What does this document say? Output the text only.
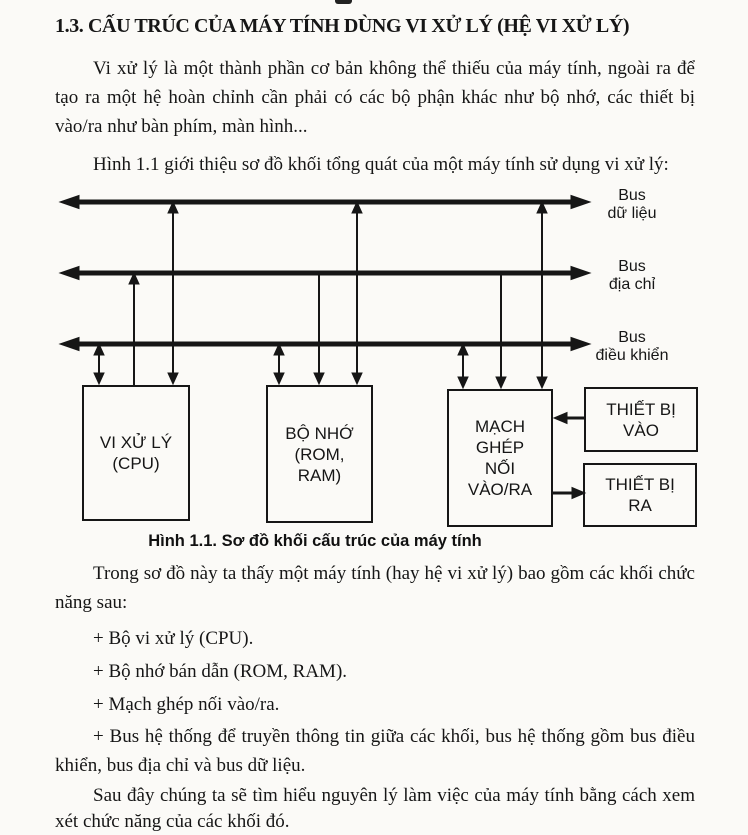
1.3. CẤU TRÚC CỦA MÁY TÍNH DÙNG VI XỬ LÝ (HỆ VI XỬ LÝ)

Vi xử lý là một thành phần cơ bản không thể thiếu của máy tính, ngoài ra để tạo ra một hệ hoàn chỉnh cần phải có các bộ phận khác như bộ nhớ, các thiết bị vào/ra như bàn phím, màn hình...

Hình 1.1 giới thiệu sơ đồ khối tổng quát của một máy tính sử dụng vi xử lý:

Bus
dữ liệu
Bus
địa chỉ
Bus
điều khiển
VI XỬ LÝ
(CPU)
BỘ NHỚ
(ROM,
RAM)
MẠCH
GHÉP
NỐI
VÀO/RA
THIẾT BỊ
VÀO
THIẾT BỊ
RA
Hình 1.1. Sơ đồ khối cấu trúc của máy tính

Trong sơ đồ này ta thấy một máy tính (hay hệ vi xử lý) bao gồm các khối chức năng sau:

+ Bộ vi xử lý (CPU).

+ Bộ nhớ bán dẫn (ROM, RAM).

+ Mạch ghép nối vào/ra.

+ Bus hệ thống để truyền thông tin giữa các khối, bus hệ thống gồm bus điều khiển, bus địa chỉ và bus dữ liệu.

Sau đây chúng ta sẽ tìm hiểu nguyên lý làm việc của máy tính bằng cách xem xét chức năng của các khối đó.
